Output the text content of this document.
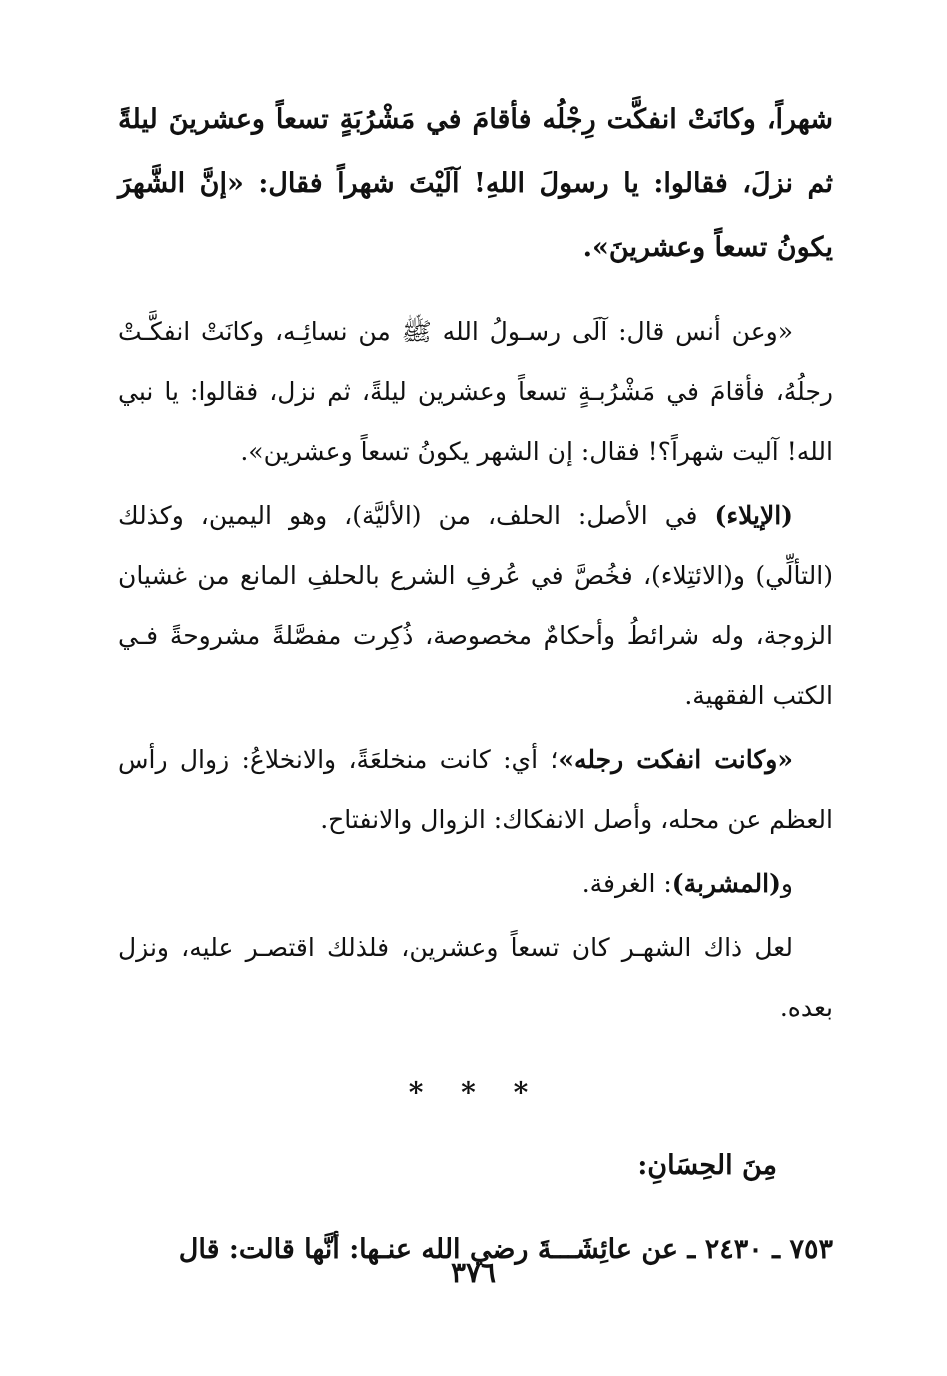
شهراً، وكانَتْ انفكَّت رِجْلُه فأقامَ في مَشْرُبَةٍ تسعاً وعشرينَ ليلةً ثم نزلَ، فقالوا: يا رسولَ اللهِ! آلَيْتَ شهراً فقال: «إنَّ الشَّهرَ يكونُ تسعاً وعشرينَ».

«وعن أنس قال: آلَى رسـولُ الله ﷺ من نسائِـه، وكانَتْ انفكَّـتْ رجلُهُ، فأقامَ في مَشْرُبـةٍ تسعاً وعشرين ليلةً، ثم نزل، فقالوا: يا نبي الله! آليت شهراً؟! فقال: إن الشهر يكونُ تسعاً وعشرين».

(الإيلاء) في الأصل: الحلف، من (الأليَّة)، وهو اليمين، وكذلك (التألِّي) و(الائتِلاء)، فخُصَّ في عُرفِ الشرع بالحلفِ المانع من غشيان الزوجة، وله شرائطُ وأحكامٌ مخصوصة، ذُكِرت مفصَّلةً مشروحةً فـي الكتب الفقهية.

«وكانت انفكت رجله»؛ أي: كانت منخلعَةً، والانخلاعُ: زوال رأس العظم عن محله، وأصل الانفكاك: الزوال والانفتاح.

و(المشربة): الغرفة.

لعل ذاك الشهـر كان تسعاً وعشرين، فلذلك اقتصـر عليه، ونزل بعده.

* * *
مِنَ الحِسَانِ:
٧٥٣ ـ ٢٤٣٠ ـ عن عائِشَـــةَ رضي الله عنـها: أنَّها قالت: قال
٣٧٦
